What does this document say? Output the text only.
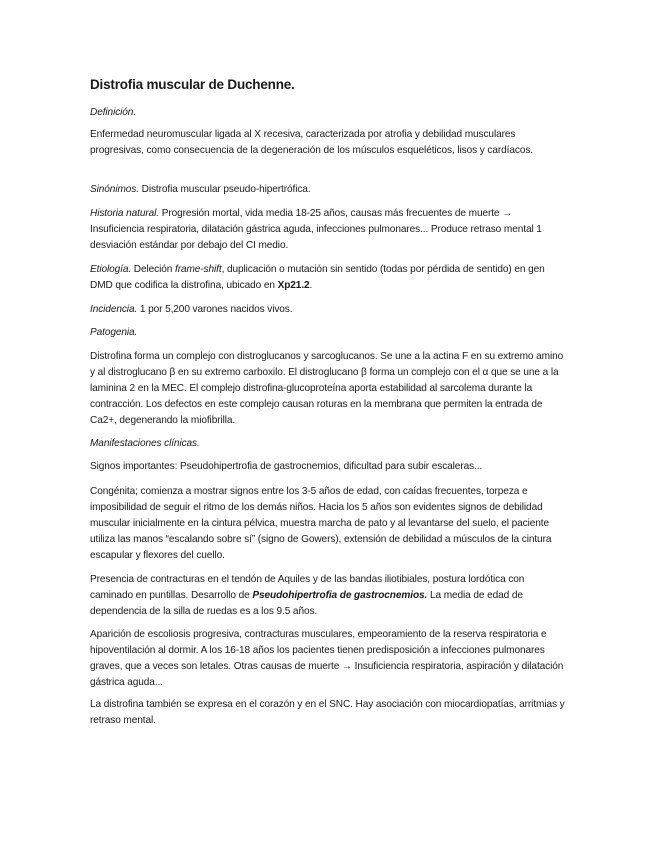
Distrofia muscular de Duchenne.
Definición.
Enfermedad neuromuscular ligada al X recesiva, caracterizada por atrofia y debilidad musculares progresivas, como consecuencia de la degeneración de los músculos esqueléticos, lisos y cardíacos.
Sinónimos. Distrofia muscular pseudo-hipertrófica.
Historia natural. Progresión mortal, vida media 18-25 años, causas más frecuentes de muerte → Insuficiencia respiratoria, dilatación gástrica aguda, infecciones pulmonares... Produce retraso mental 1 desviación estándar por debajo del CI medio.
Etiología. Deleción frame-shift, duplicación o mutación sin sentido (todas por pérdida de sentido) en gen DMD que codifica la distrofina, ubicado en Xp21.2.
Incidencia. 1 por 5,200 varones nacidos vivos.
Patogenia.
Distrofina forma un complejo con distroglucanos y sarcoglucanos. Se une a la actina F en su extremo amino y al distroglucano β en su extremo carboxilo. El distroglucano β forma un complejo con el α que se une a la laminina 2 en la MEC. El complejo distrofina-glucoproteína aporta estabilidad al sarcolema durante la contracción. Los defectos en este complejo causan roturas en la membrana que permiten la entrada de Ca2+, degenerando la miofibrilla.
Manifestaciones clínicas.
Signos importantes: Pseudohipertrofia de gastrocnemios, dificultad para subir escaleras...
Congénita; comienza a mostrar signos entre los 3-5 años de edad, con caídas frecuentes, torpeza e imposibilidad de seguir el ritmo de los demás niños. Hacia los 5 años son evidentes signos de debilidad muscular inicialmente en la cintura pélvica, muestra marcha de pato y al levantarse del suelo, el paciente utiliza las manos “escalando sobre sí” (signo de Gowers), extensión de debilidad a músculos de la cintura escapular y flexores del cuello.
Presencia de contracturas en el tendón de Aquiles y de las bandas iliotibiales, postura lordótica con caminado en puntillas. Desarrollo de Pseudohipertrofia de gastrocnemios. La media de edad de dependencia de la silla de ruedas es a los 9.5 años.
Aparición de escoliosis progresiva, contracturas musculares, empeoramiento de la reserva respiratoria e hipoventilación al dormir. A los 16-18 años los pacientes tienen predisposición a infecciones pulmonares graves, que a veces son letales. Otras causas de muerte → Insuficiencia respiratoria, aspiración y dilatación gástrica aguda...
La distrofina también se expresa en el corazón y en el SNC. Hay asociación con miocardiopatías, arritmias y retraso mental.
